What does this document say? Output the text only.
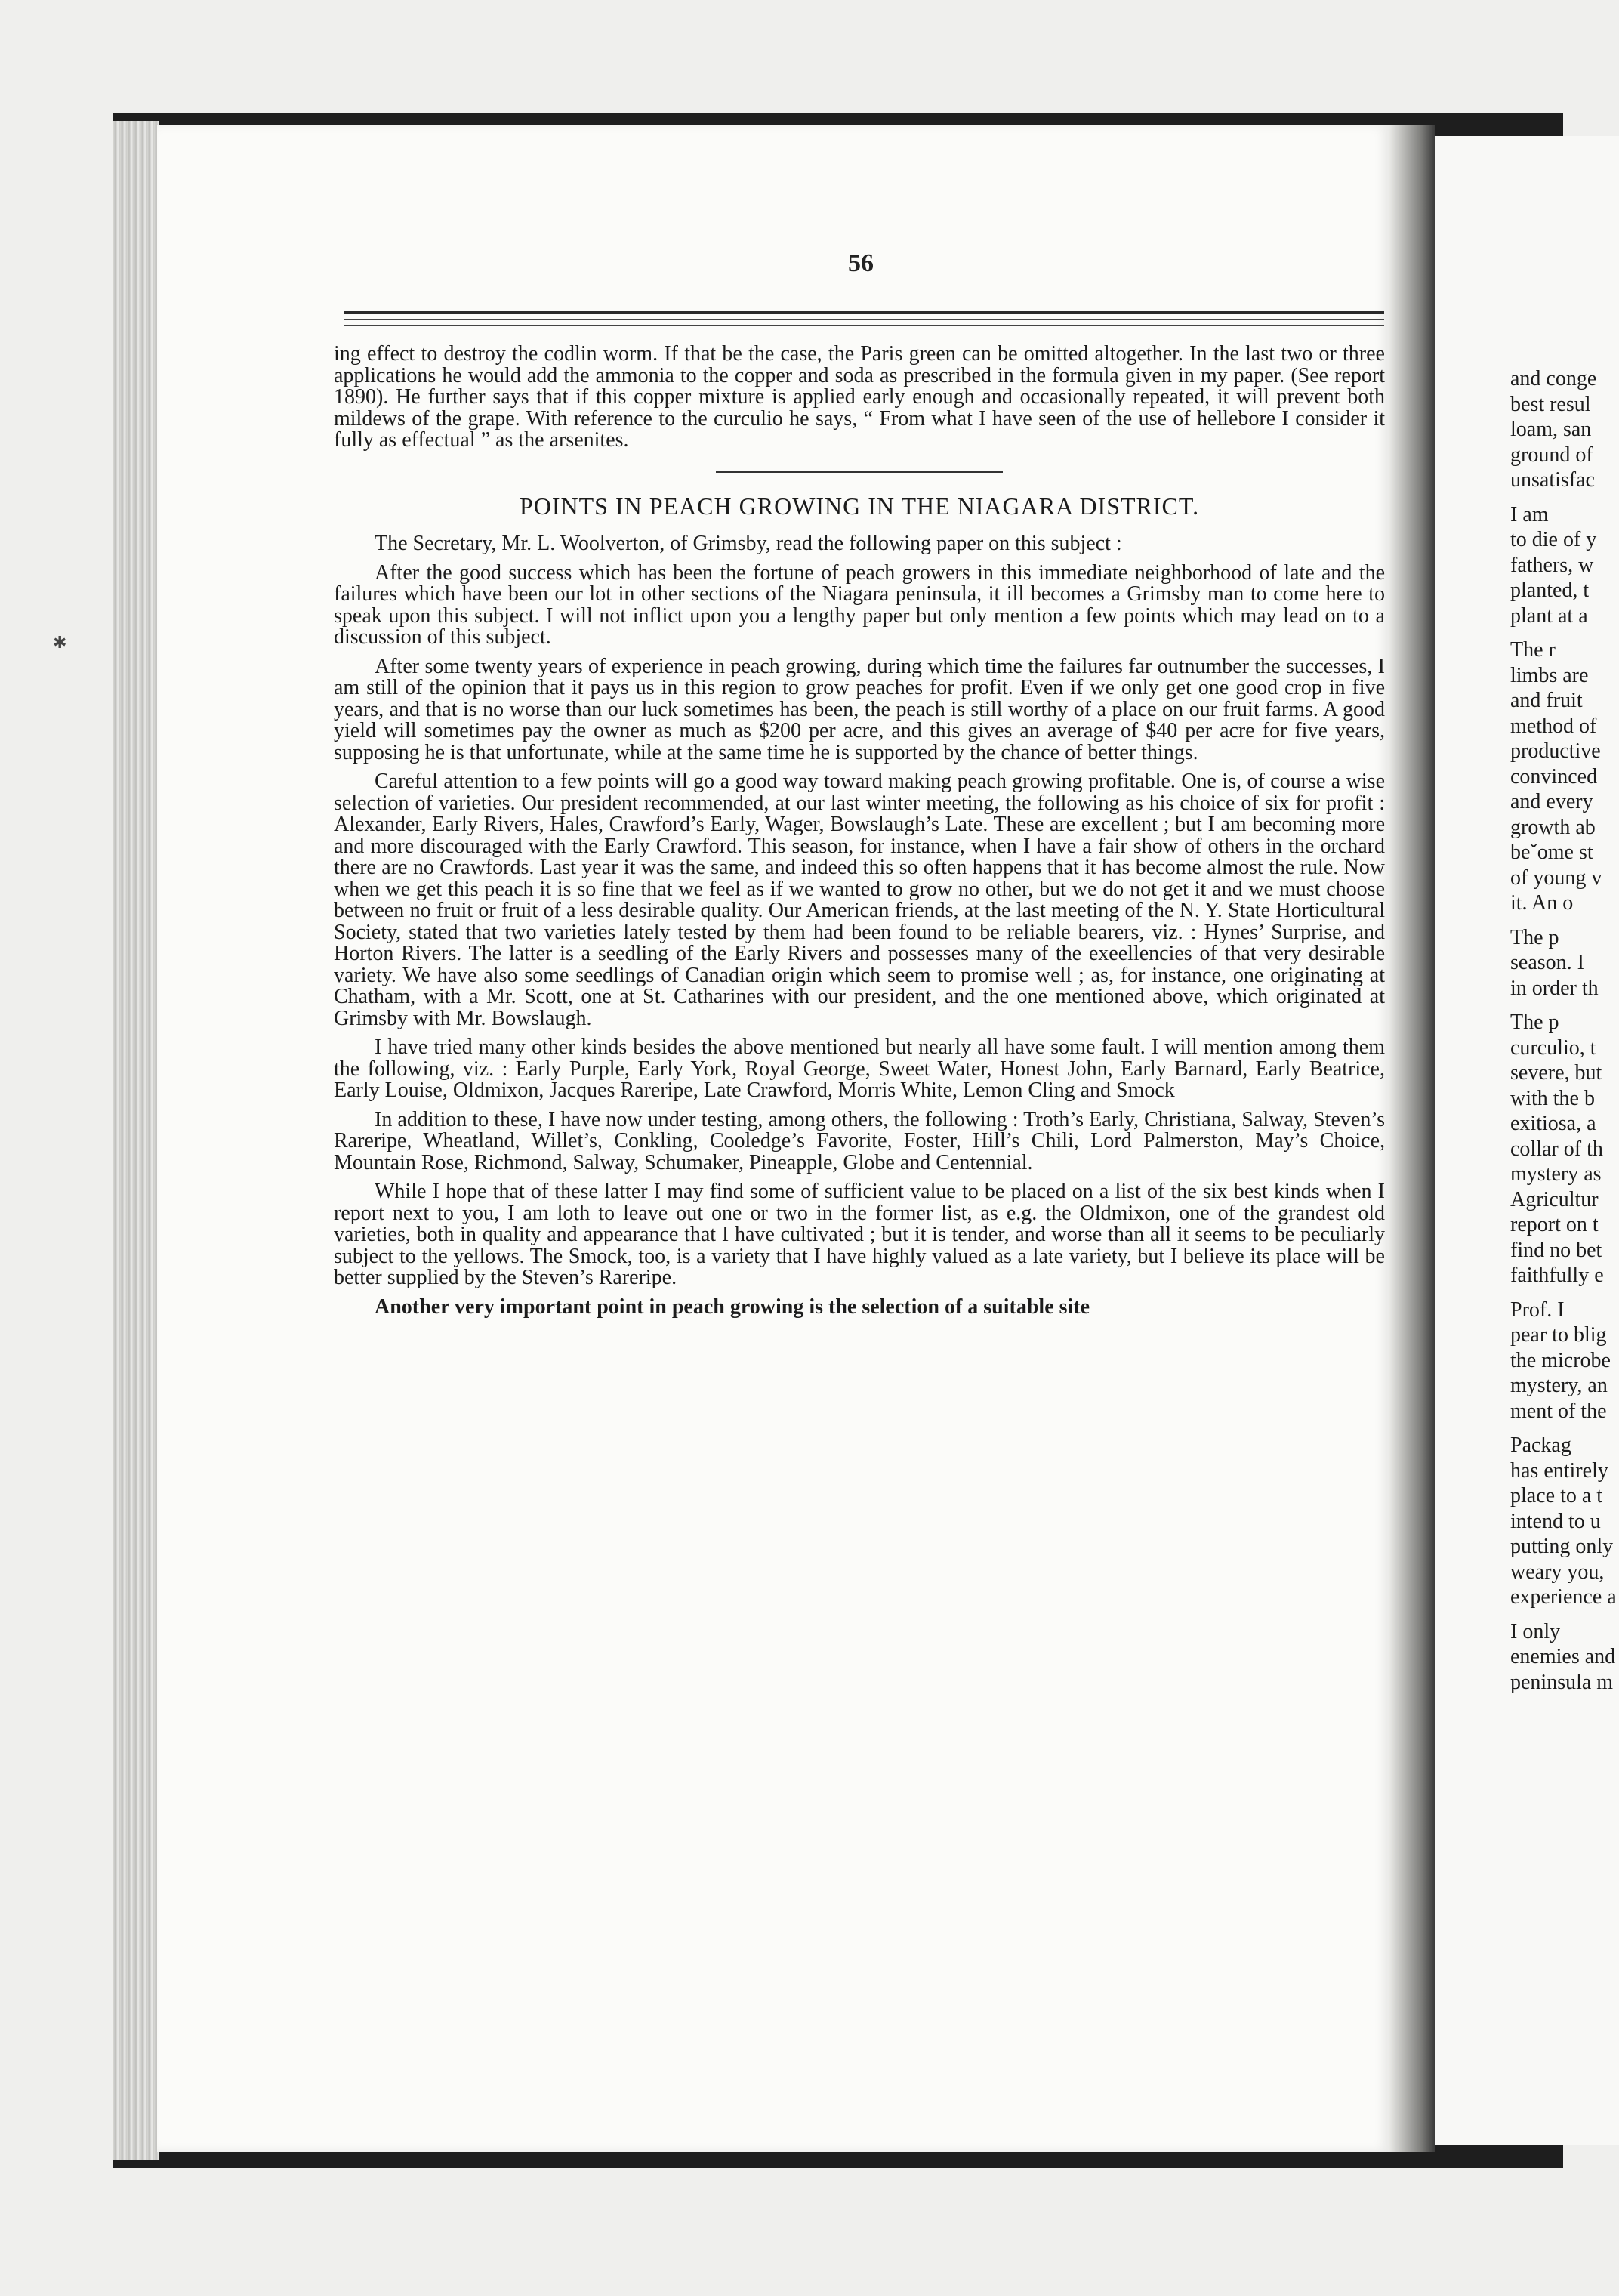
and conge
best resul
loam, san
ground of
unsatisfac
I am
to die of y
fathers, w
planted, t
plant at a
The r
limbs are
and fruit
method of
productive
convinced
and every
growth ab
beˇome st
of young v
it. An o
The p
season. I
in order th
The p
curculio, t
severe, but
with the b
exitiosa, a
collar of th
mystery as
Agricultur
report on t
find no bet
faithfully e
Prof. I
pear to blig
the microbe
mystery, an
ment of the
Packag
has entirely
place to a t
intend to u
putting only
weary you,
experience a
I only
enemies and
peninsula m
✱
56

ing effect to destroy the codlin worm. If that be the case, the Paris green can be omitted altogether. In the last two or three applications he would add the ammonia to the copper and soda as prescribed in the formula given in my paper. (See report 1890). He further says that if this copper mixture is applied early enough and occasionally repeated, it will prevent both mildews of the grape. With reference to the curculio he says, “ From what I have seen of the use of hellebore I consider it fully as effectual ” as the arsenites.

POINTS IN PEACH GROWING IN THE NIAGARA DISTRICT.

The Secretary, Mr. L. Woolverton, of Grimsby, read the following paper on this subject :

After the good success which has been the fortune of peach growers in this immediate neighborhood of late and the failures which have been our lot in other sections of the Niagara peninsula, it ill becomes a Grimsby man to come here to speak upon this subject. I will not inflict upon you a lengthy paper but only mention a few points which may lead on to a discussion of this subject.

After some twenty years of experience in peach growing, during which time the failures far outnumber the successes, I am still of the opinion that it pays us in this region to grow peaches for profit. Even if we only get one good crop in five years, and that is no worse than our luck sometimes has been, the peach is still worthy of a place on our fruit farms. A good yield will sometimes pay the owner as much as $200 per acre, and this gives an average of $40 per acre for five years, supposing he is that unfortunate, while at the same time he is supported by the chance of better things.

Careful attention to a few points will go a good way toward making peach growing profitable. One is, of course a wise selection of varieties. Our president recommended, at our last winter meeting, the following as his choice of six for profit : Alexander, Early Rivers, Hales, Crawford’s Early, Wager, Bowslaugh’s Late. These are excellent ; but I am becoming more and more discouraged with the Early Crawford. This season, for instance, when I have a fair show of others in the orchard there are no Crawfords. Last year it was the same, and indeed this so often happens that it has become almost the rule. Now when we get this peach it is so fine that we feel as if we wanted to grow no other, but we do not get it and we must choose between no fruit or fruit of a less desirable quality. Our American friends, at the last meeting of the N. Y. State Horticultural Society, stated that two varieties lately tested by them had been found to be reliable bearers, viz. : Hynes’ Surprise, and Horton Rivers. The latter is a seedling of the Early Rivers and possesses many of the exeellencies of that very desirable variety. We have also some seedlings of Canadian origin which seem to promise well ; as, for instance, one originating at Chatham, with a Mr. Scott, one at St. Catharines with our president, and the one mentioned above, which originated at Grimsby with Mr. Bowslaugh.

I have tried many other kinds besides the above mentioned but nearly all have some fault. I will mention among them the following, viz. : Early Purple, Early York, Royal George, Sweet Water, Honest John, Early Barnard, Early Beatrice, Early Louise, Oldmixon, Jacques Rareripe, Late Crawford, Morris White, Lemon Cling and Smock

In addition to these, I have now under testing, among others, the following : Troth’s Early, Christiana, Salway, Steven’s Rareripe, Wheatland, Willet’s, Conkling, Cooledge’s Favorite, Foster, Hill’s Chili, Lord Palmerston, May’s Choice, Mountain Rose, Richmond, Salway, Schumaker, Pineapple, Globe and Centennial.

While I hope that of these latter I may find some of sufficient value to be placed on a list of the six best kinds when I report next to you, I am loth to leave out one or two in the former list, as e.g. the Oldmixon, one of the grandest old varieties, both in quality and appearance that I have cultivated ; but it is tender, and worse than all it seems to be peculiarly subject to the yellows. The Smock, too, is a variety that I have highly valued as a late variety, but I believe its place will be better supplied by the Steven’s Rareripe.

Another very important point in peach growing is the selection of a suitable site
